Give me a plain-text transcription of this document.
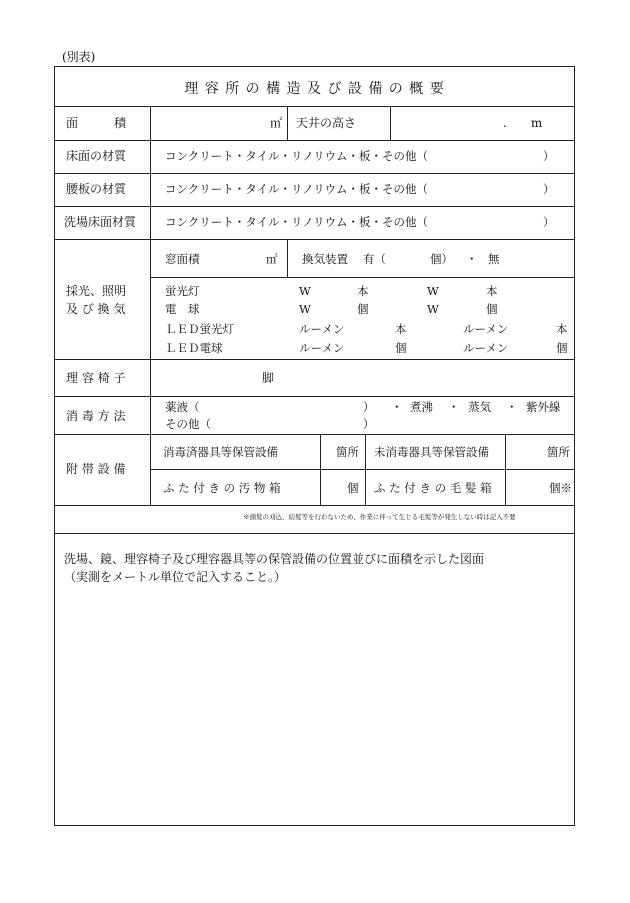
(別表)
理 容 所 の 構 造 及 び 設 備 の 概 要
面　　　積	㎡ 天井の高さ	.　　m
床面の材質	コンクリート・タイル・リノリウム・板・その他（　　　　　　　　　　）
腰板の材質	コンクリート・タイル・リノリウム・板・その他（　　　　　　　　　　）
洗場床面材質	コンクリート・タイル・リノリウム・板・その他（　　　　　　　　　　）
採光、照明
及 び 換 気
窓面積	㎡ 換気装置 有（	個） ・ 無
蛍光灯	W	本	W	本
電　球	W	個	W	個
ＬＥＤ蛍光灯	ルーメン	本	ルーメン	本
ＬＥＤ電球	ルーメン	個	ルーメン	個
理 容 椅 子	脚
消 毒 方 法
薬液（	） ・ 煮沸 ・ 蒸気 ・ 紫外線
その他（	）
附 帯 設 備
消毒済器具等保管設備	箇所 未消毒器具等保管設備	箇所
ふ た 付 き の 汚 物 箱	個 ふ た 付 き の 毛 髪 箱	個※
※頭髪の刈込、結髪等を行わないため、作業に伴って生じる毛髪等が発生しない時は記入不要
洗場、鏡、理容椅子及び理容器具等の保管設備の位置並びに面積を示した図面
（実測をメートル単位で記入すること。）
